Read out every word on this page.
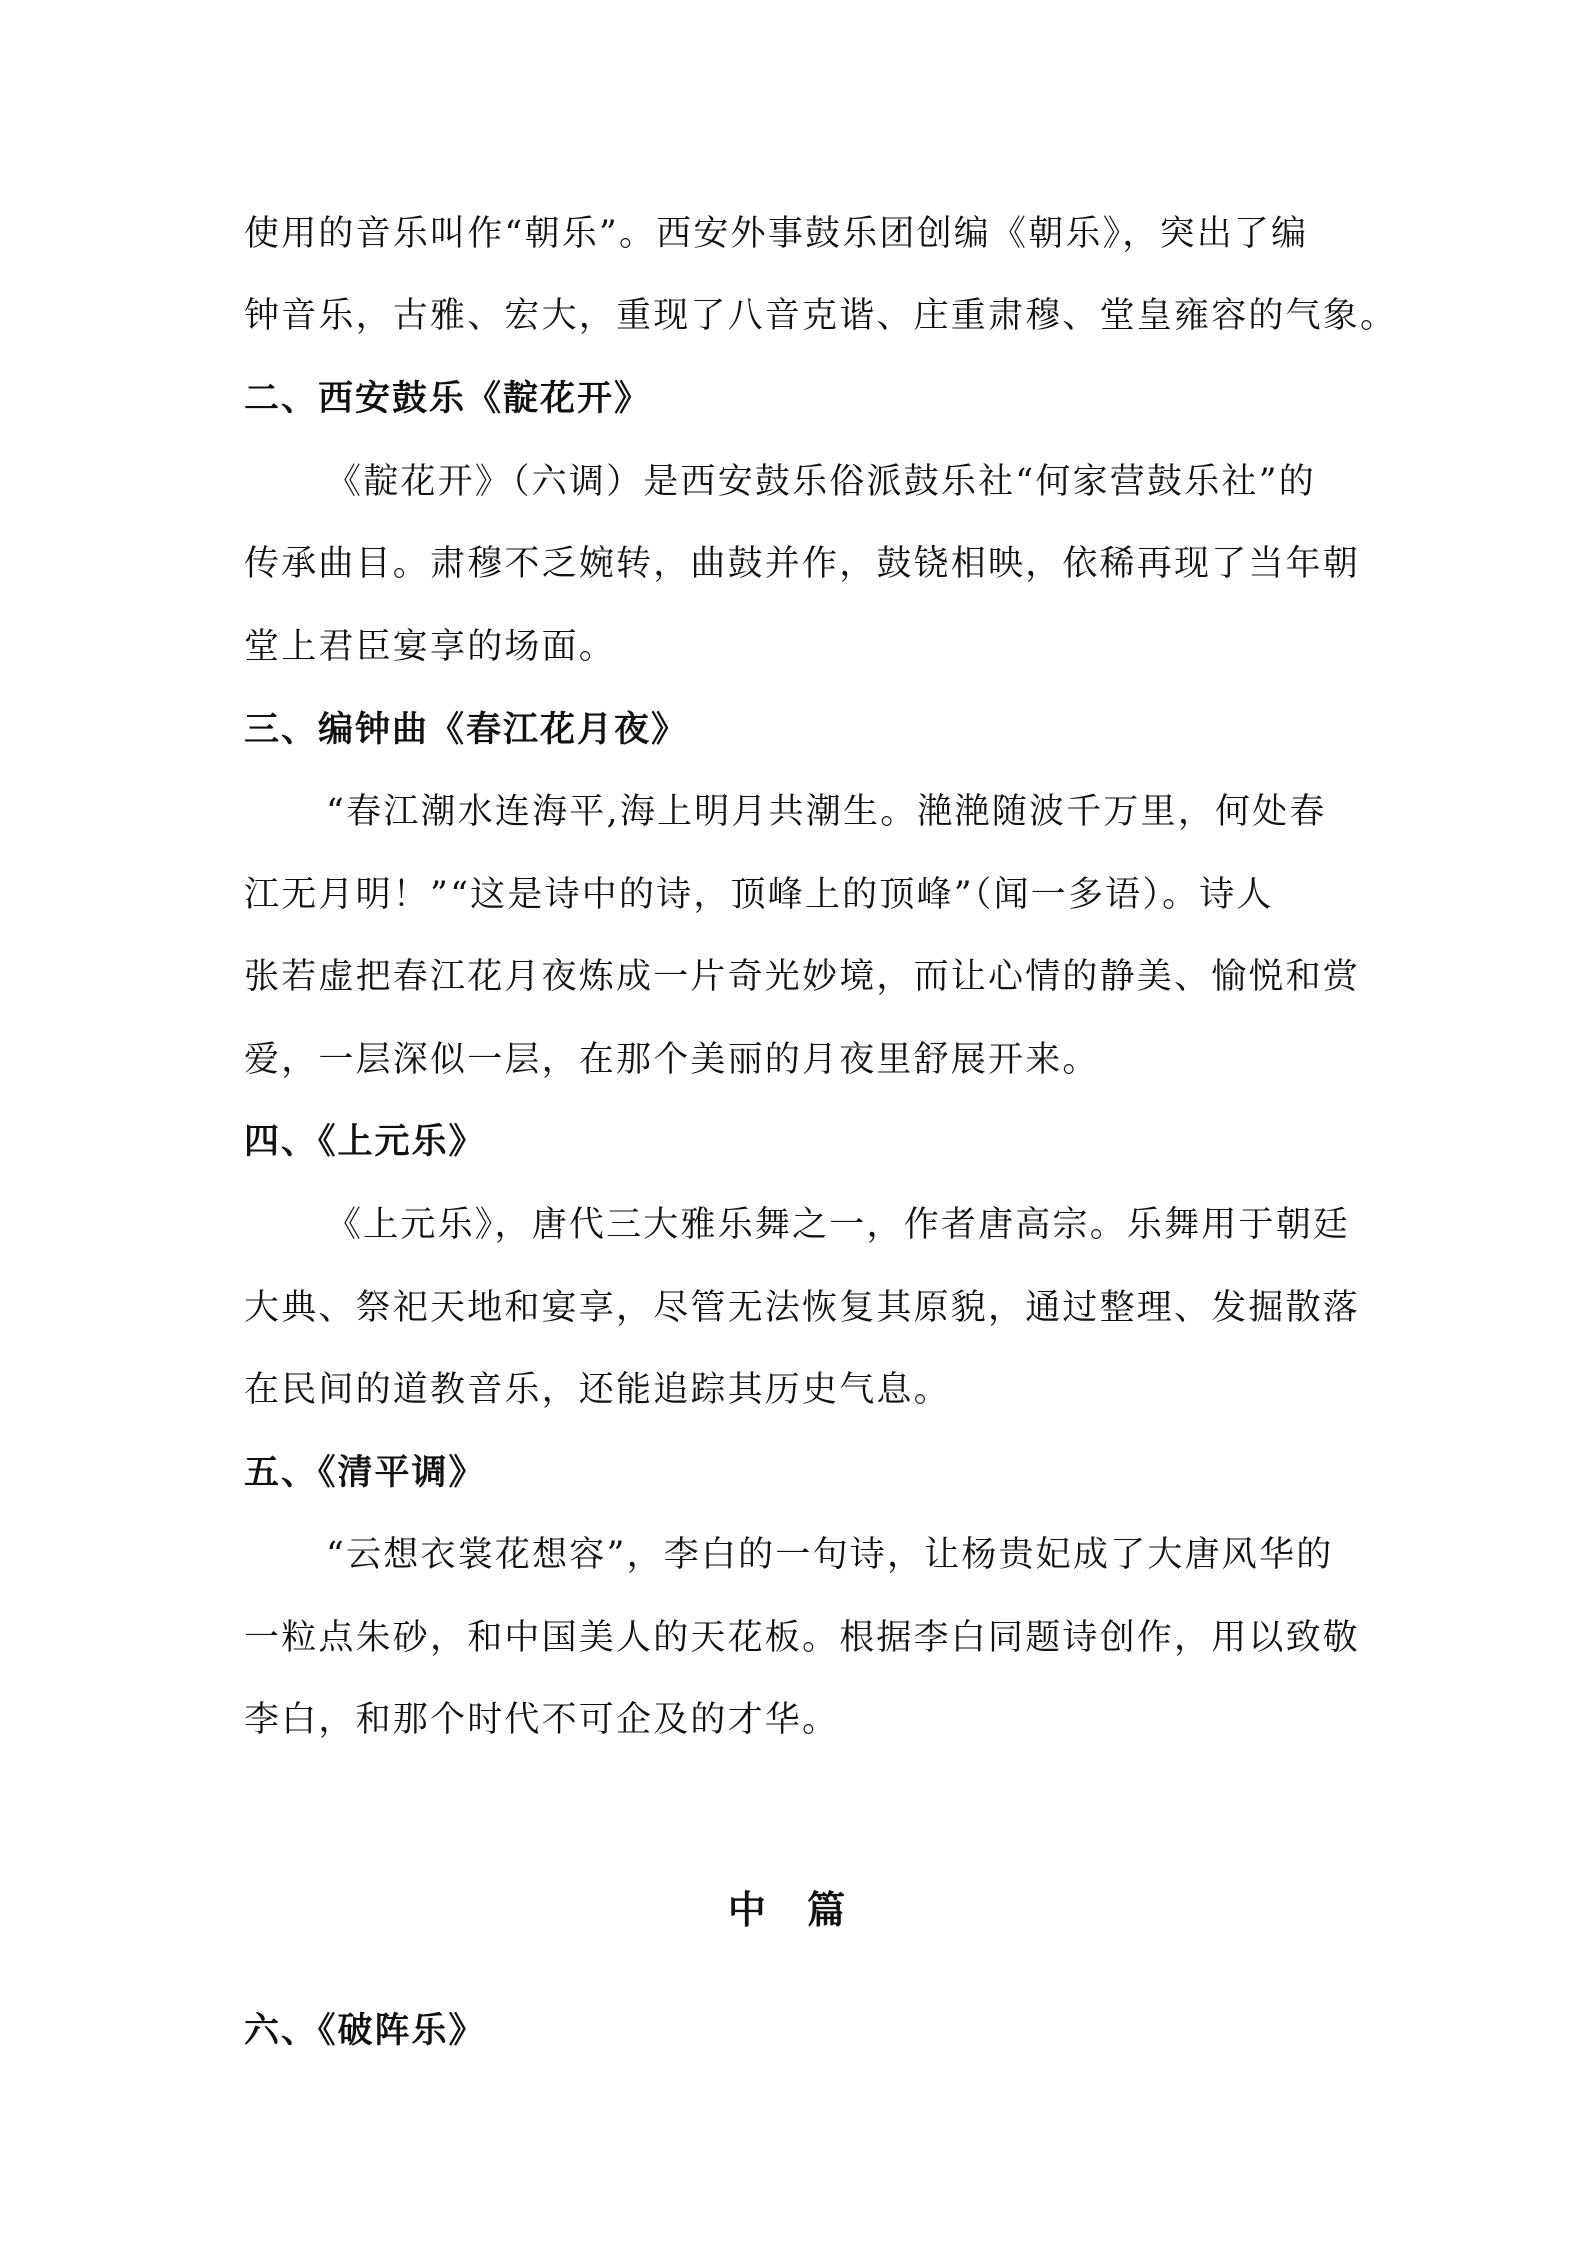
使用的音乐叫作“朝乐”。西安外事鼓乐团创编《朝乐》，突出了编
钟音乐，古雅、宏大，重现了八音克谐、庄重肃穆、堂皇雍容的气象。
二、西安鼓乐《靛花开》
《靛花开》（六调）是西安鼓乐俗派鼓乐社“何家营鼓乐社”的
传承曲目。肃穆不乏婉转，曲鼓并作，鼓铙相映，依稀再现了当年朝
堂上君臣宴享的场面。
三、编钟曲《春江花月夜》
“春江潮水连海平,海上明月共潮生。滟滟随波千万里，何处春
江无月明！”“这是诗中的诗，顶峰上的顶峰”（闻一多语）。诗人
张若虚把春江花月夜炼成一片奇光妙境，而让心情的静美、愉悦和赏
爱，一层深似一层，在那个美丽的月夜里舒展开来。
四、《上元乐》
《上元乐》，唐代三大雅乐舞之一，作者唐高宗。乐舞用于朝廷
大典、祭祀天地和宴享，尽管无法恢复其原貌，通过整理、发掘散落
在民间的道教音乐，还能追踪其历史气息。
五、《清平调》
“云想衣裳花想容”，李白的一句诗，让杨贵妃成了大唐风华的
一粒点朱砂，和中国美人的天花板。根据李白同题诗创作，用以致敬
李白，和那个时代不可企及的才华。
中 篇
六、《破阵乐》
